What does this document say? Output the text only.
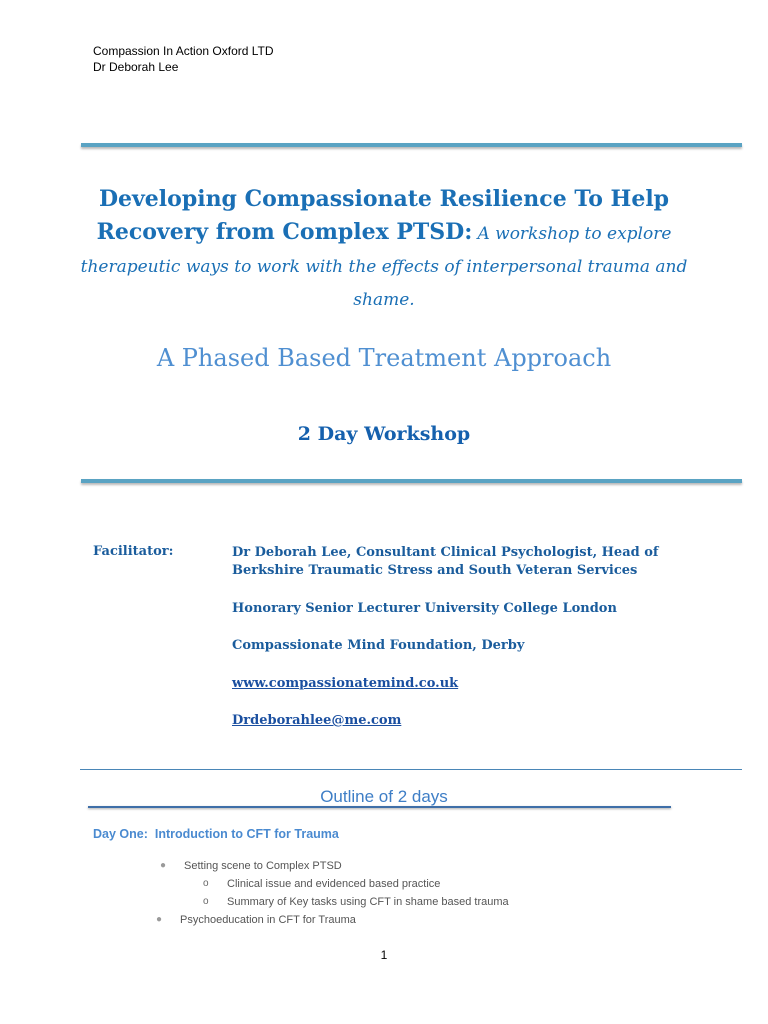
Compassion In Action Oxford LTD
Dr Deborah Lee
Developing Compassionate Resilience To Help
Recovery from Complex PTSD: A workshop to explore therapeutic ways to work with the effects of interpersonal trauma and shame.
A Phased Based Treatment Approach
2 Day Workshop
Facilitator:	Dr Deborah Lee, Consultant Clinical Psychologist, Head of
Berkshire Traumatic Stress and South Veteran Services
Honorary Senior Lecturer University College London
Compassionate Mind Foundation, Derby
www.compassionatemind.co.uk
Drdeborahlee@me.com
Outline of 2 days
Day One: Introduction to CFT for Trauma
● Setting scene to Complex PTSD
o Clinical issue and evidenced based practice
o Summary of Key tasks using CFT in shame based trauma
● Psychoeducation in CFT for Trauma
1
